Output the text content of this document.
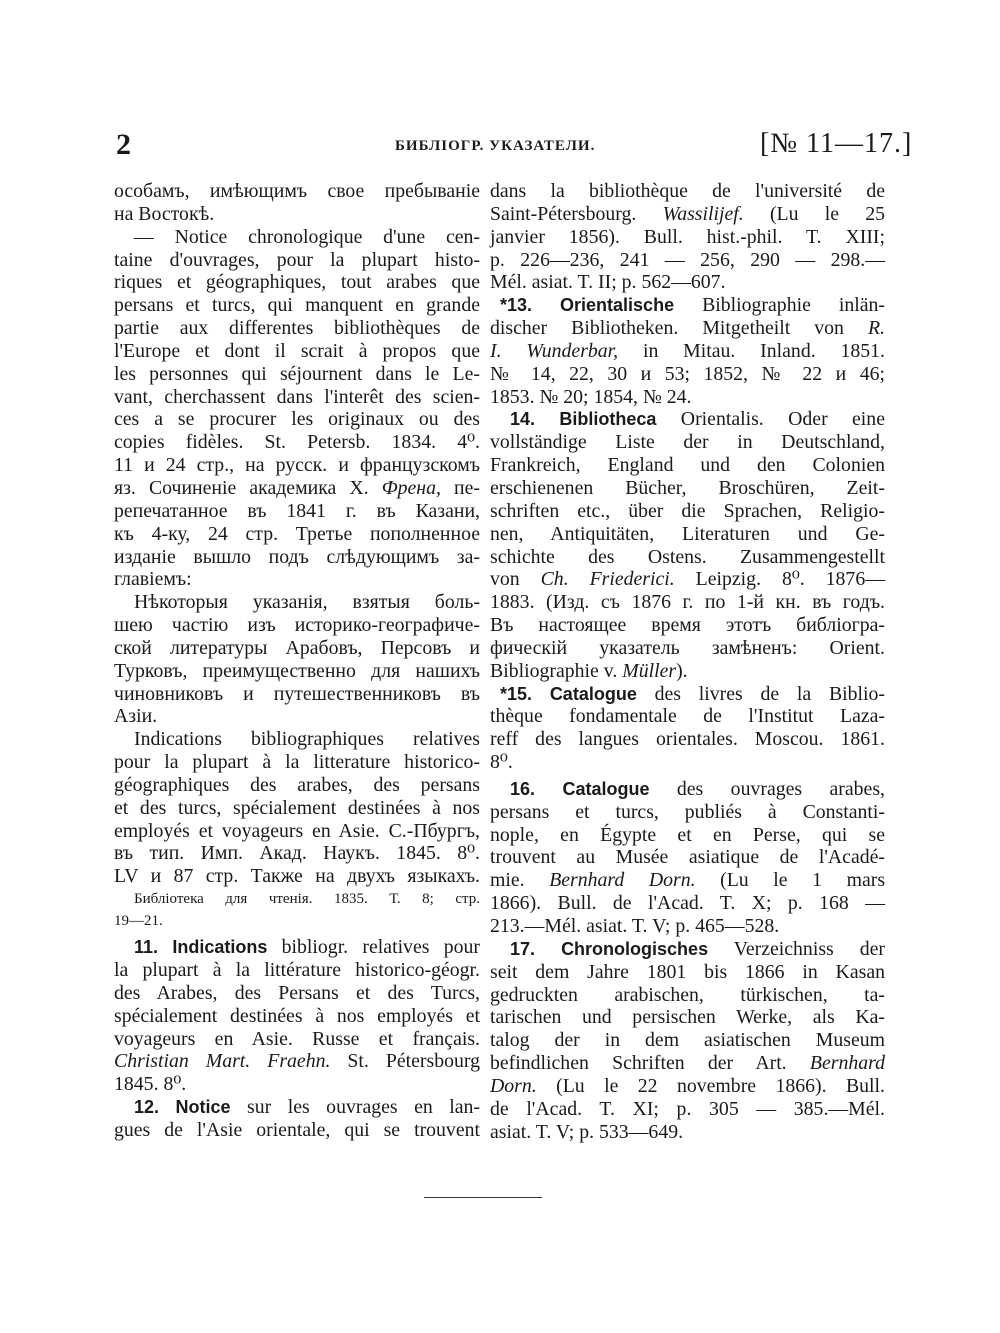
2	БИБЛIОГР. УКАЗАТЕЛИ.	[№ 11—17.]
особамъ, имѣющимъ свое пребыванiе
на Востокѣ.
— Notice chronologique d'une cen-
taine d'ouvrages, pour la plupart histo-
riques et géographiques, tout arabes que
persans et turcs, qui manquent en grande
partie aux differentes bibliothèques de
l'Europe et dont il scrait à propos que
les personnes qui séjournent dans le Le-
vant, cherchassent dans l'interêt des scien-
ces a se procurer les originaux ou des
copies fidèles. St. Petersb. 1834. 4⁰.
11 и 24 стр., на русск. и французскомъ
яз. Сочиненiе академика Х. Френа, пе-
репечатанное въ 1841 г. въ Казани,
къ 4-ку, 24 стр. Третье пополненное
изданiе вышло подъ слѣдующимъ за-
главiемъ:
Нѣкоторыя указанiя, взятыя боль-
шею частiю изъ историко-географиче-
ской литературы Арабовъ, Персовъ и
Турковъ, преимущественно для нашихъ
чиновниковъ и путешественниковъ въ
Азiи.
Indications bibliographiques relatives
pour la plupart à la litterature historico-
géographiques des arabes, des persans
et des turcs, spécialement destinées à nos
employés et voyageurs en Asie. С.-Пбургъ,
въ тип. Имп. Акад. Наукъ. 1845. 8⁰.
LV и 87 стр. Также на двухъ языкахъ.
Библiотека для чтенiя. 1835. Т. 8; стр.
19—21.
11. Indications bibliogr. relatives pour
la plupart à la littérature historico-géogr.
des Arabes, des Persans et des Turcs,
spécialement destinées à nos employés et
voyageurs en Asie. Russe et français.
Christian Mart. Fraehn. St. Pétersbourg
1845. 8⁰.
12. Notice sur les ouvrages en lan-
gues de l'Asie orientale, qui se trouvent
dans la bibliothèque de l'université de
Saint-Pétersbourg. Wassilijef. (Lu le 25
janvier 1856). Bull. hist.-phil. T. XIII;
p. 226—236, 241 — 256, 290 — 298.—
Mél. asiat. T. II; p. 562—607.
*13. Orientalische Bibliographie inlän-
discher Bibliotheken. Mitgetheilt von R.
I. Wunderbar, in Mitau. Inland. 1851.
№ 14, 22, 30 и 53; 1852, № 22 и 46;
1853. № 20; 1854, № 24.
14. Bibliotheca Orientalis. Oder eine
vollständige Liste der in Deutschland,
Frankreich, England und den Colonien
erschienenen Bücher, Broschüren, Zeit-
schriften etc., über die Sprachen, Religio-
nen, Antiquitäten, Literaturen und Ge-
schichte des Ostens. Zusammengestellt
von Ch. Friederici. Leipzig. 8⁰. 1876—
1883. (Изд. съ 1876 г. по 1-й кн. въ годъ.
Въ настоящее время этотъ библiогра-
фическiй указатель замѣненъ: Orient.
Bibliographie v. Müller).
*15. Catalogue des livres de la Biblio-
thèque fondamentale de l'Institut Laza-
reff des langues orientales. Moscou. 1861.
8⁰.
16. Catalogue des ouvrages arabes,
persans et turcs, publiés à Constanti-
nople, en Égypte et en Perse, qui se
trouvent au Musée asiatique de l'Acadé-
mie. Bernhard Dorn. (Lu le 1 mars
1866). Bull. de l'Acad. T. X; p. 168 —
213.—Mél. asiat. T. V; p. 465—528.
17. Chronologisches Verzeichniss der
seit dem Jahre 1801 bis 1866 in Kasan
gedruckten arabischen, türkischen, ta-
tarischen und persischen Werke, als Ka-
talog der in dem asiatischen Museum
befindlichen Schriften der Art. Bernhard
Dorn. (Lu le 22 novembre 1866). Bull.
de l'Acad. T. XI; p. 305 — 385.—Mél.
asiat. T. V; p. 533—649.
